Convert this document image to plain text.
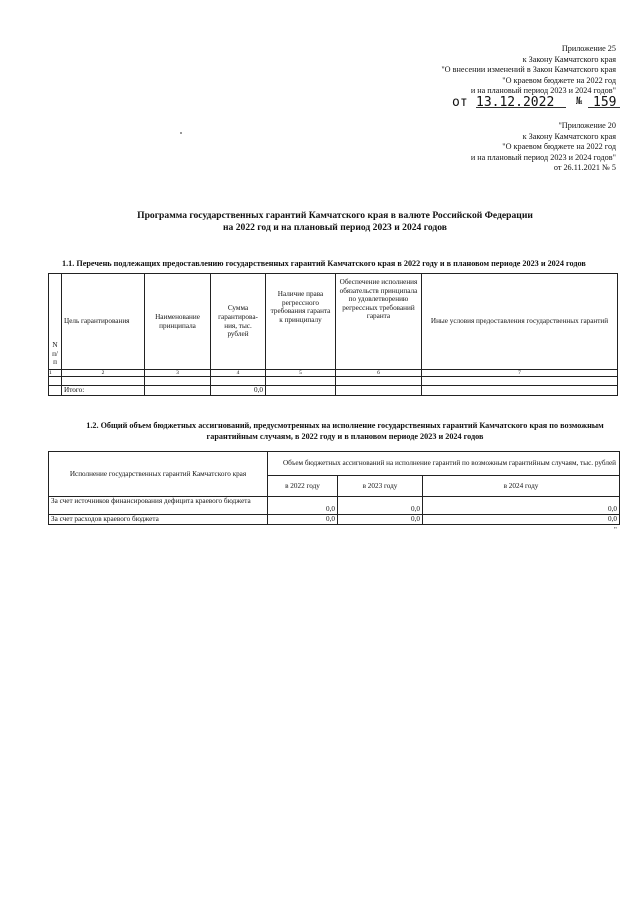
Приложение 25
к Закону Камчатского края
"О внесении изменений в Закон Камчатского края
"О краевом бюджете на 2022 год
и на плановый период 2023 и 2024 годов"
от 13.12.2022 № 159
"Приложение 20
к Закону Камчатского края
"О краевом бюджете на 2022 год
и на плановый период 2023 и 2024 годов"
от 26.11.2021 № 5
Программа государственных гарантий Камчатского края в валюте Российской Федерации
на 2022 год и на плановый период 2023 и 2024 годов
1.1. Перечень подлежащих предоставлению государственных гарантий Камчатского края в 2022 году и в плановом периоде 2023 и 2024 годов
N п/ п	Цель гарантирования	Наименование принципала	Сумма гарантирова-ния, тыс. рублей	Наличие права регрессного требования гаранта к принципалу	Обеспечение исполнения обязательств принципала по удовлетворению регрессных требований гаранта	Иные условия предоставления государственных гарантий
1	2	3	4	5	6	7

	Итого:		0,0			
1.2. Общий объем бюджетных ассигнований, предусмотренных на исполнение государственных гарантий Камчатского края по возможным
гарантийным случаям, в 2022 году и в плановом периоде 2023 и 2024 годов
Исполнение государственных гарантий Камчатского края	Объем бюджетных ассигнований на исполнение гарантий по возможным гарантийным случаям, тыс. рублей		
	в 2022 году	в 2023 году	в 2024 году
За счет источников финансирования дефицита краевого бюджета	0,0	0,0	0,0
За счет расходов краевого бюджета	0,0	0,0	0,0
"
